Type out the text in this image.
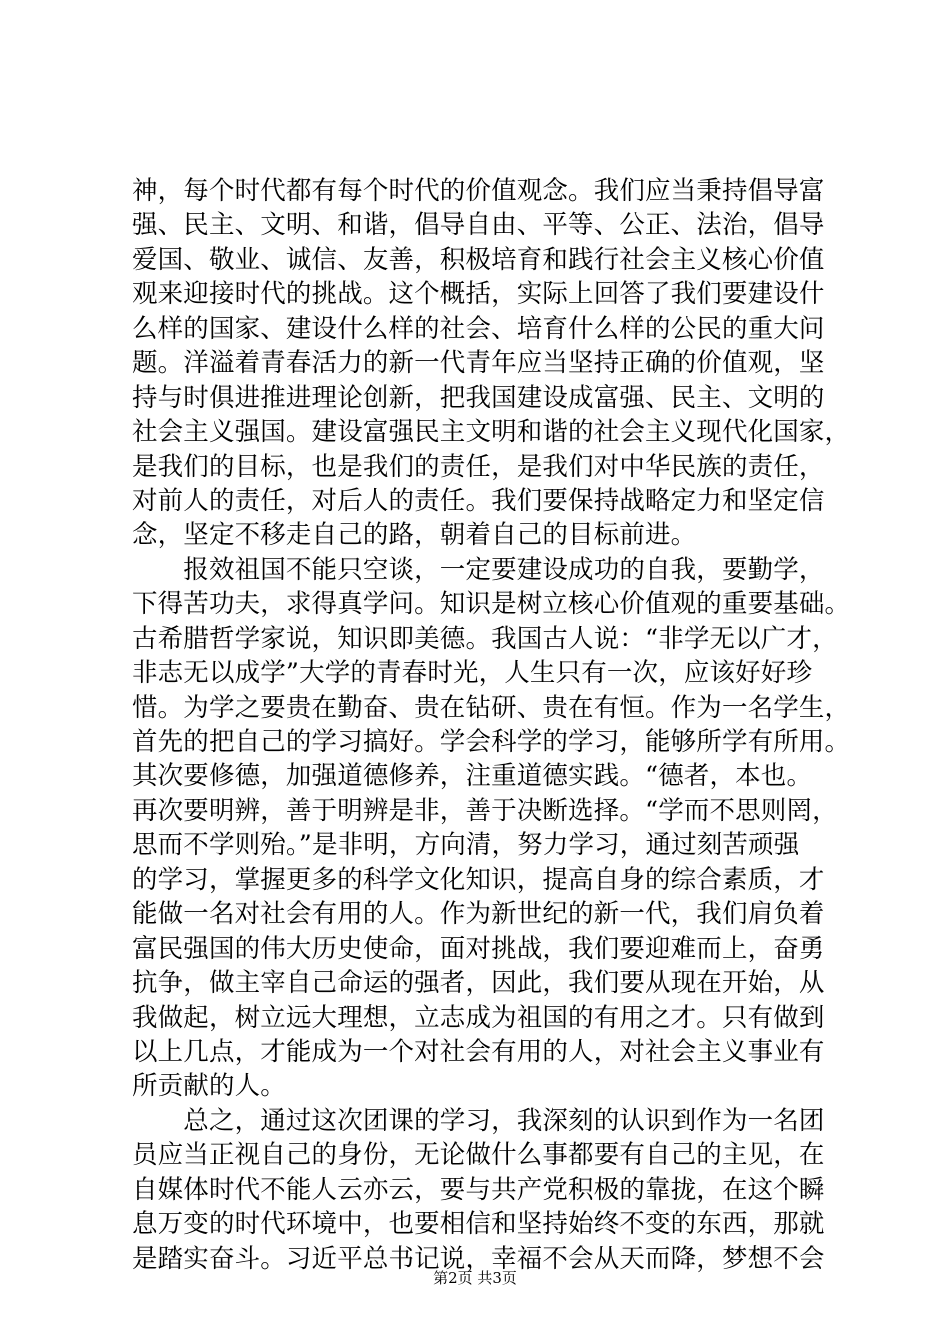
神，每个时代都有每个时代的价值观念。我们应当秉持倡导富
强、民主、文明、和谐，倡导自由、平等、公正、法治，倡导
爱国、敬业、诚信、友善，积极培育和践行社会主义核心价值
观来迎接时代的挑战。这个概括，实际上回答了我们要建设什
么样的国家、建设什么样的社会、培育什么样的公民的重大问
题。洋溢着青春活力的新一代青年应当坚持正确的价值观，坚
持与时俱进推进理论创新，把我国建设成富强、民主、文明的
社会主义强国。建设富强民主文明和谐的社会主义现代化国家，
是我们的目标，也是我们的责任，是我们对中华民族的责任，
对前人的责任，对后人的责任。我们要保持战略定力和坚定信
念，坚定不移走自己的路，朝着自己的目标前进。
　　报效祖国不能只空谈，一定要建设成功的自我，要勤学，
下得苦功夫，求得真学问。知识是树立核心价值观的重要基础。
古希腊哲学家说，知识即美德。我国古人说：“非学无以广才，
非志无以成学”大学的青春时光，人生只有一次，应该好好珍
惜。为学之要贵在勤奋、贵在钻研、贵在有恒。作为一名学生，
首先的把自己的学习搞好。学会科学的学习，能够所学有所用。
其次要修德，加强道德修养，注重道德实践。“德者，本也。
再次要明辨，善于明辨是非，善于决断选择。“学而不思则罔，
思而不学则殆。”是非明，方向清，努力学习，通过刻苦顽强
的学习，掌握更多的科学文化知识，提高自身的综合素质，才
能做一名对社会有用的人。作为新世纪的新一代，我们肩负着
富民强国的伟大历史使命，面对挑战，我们要迎难而上，奋勇
抗争，做主宰自己命运的强者，因此，我们要从现在开始，从
我做起，树立远大理想，立志成为祖国的有用之才。只有做到
以上几点，才能成为一个对社会有用的人，对社会主义事业有
所贡献的人。
　　总之，通过这次团课的学习，我深刻的认识到作为一名团
员应当正视自己的身份，无论做什么事都要有自己的主见，在
自媒体时代不能人云亦云，要与共产党积极的靠拢，在这个瞬
息万变的时代环境中，也要相信和坚持始终不变的东西，那就
是踏实奋斗。习近平总书记说，幸福不会从天而降，梦想不会
第2页 共3页
